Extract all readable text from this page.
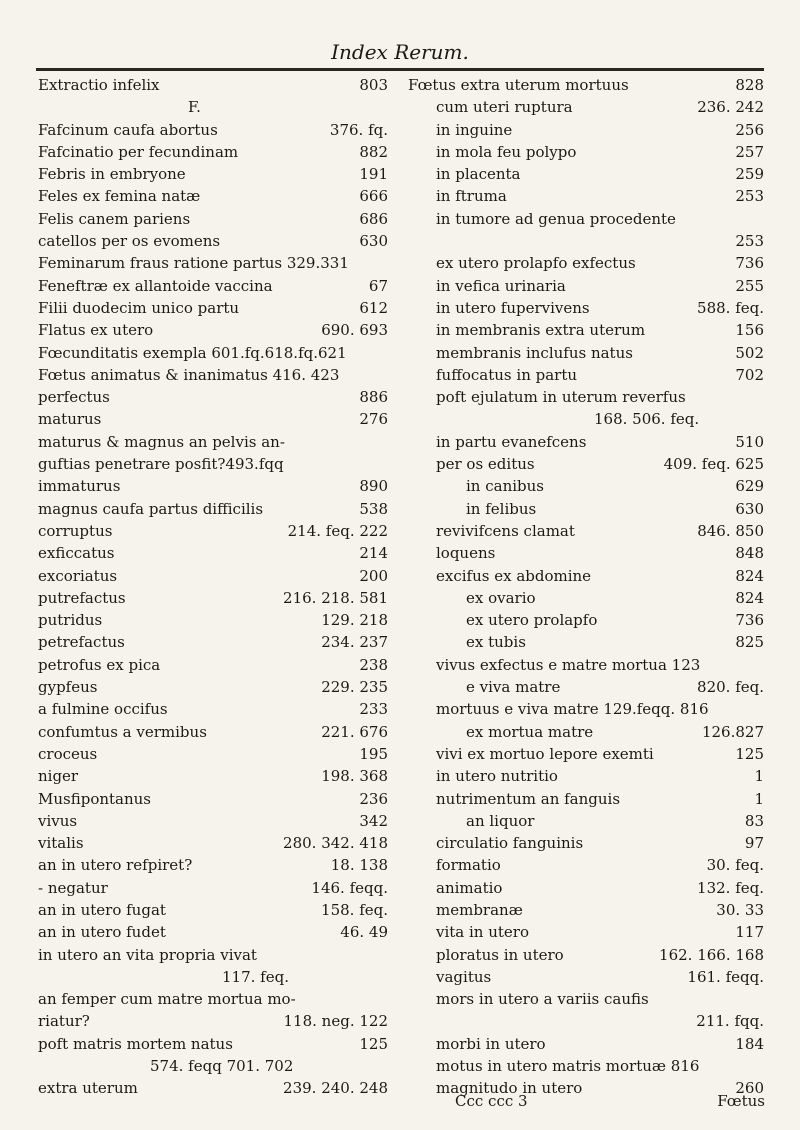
Index Rerum.
Extractio infelix	803
F.
Fafcinum caufa abortus	376. fq.
Fafcinatio per fecundinam	882
Febris in embryone	191
Feles ex femina natæ	666
Felis canem pariens	686
catellos per os evomens	630
Feminarum fraus ratione partus 329.331
Feneftræ ex allantoide vaccina	67
Filii duodecim unico partu	612
Flatus ex utero	690. 693
Fœcunditatis exempla 601.fq.618.fq.621
Fœtus animatus & inanimatus 416. 423
perfectus	886
maturus	276
maturus & magnus an pelvis an-
guftias penetrare posfit?493.fqq
immaturus	890
magnus caufa partus difficilis	538
corruptus	214. feq. 222
exficcatus	214
excoriatus	200
putrefactus	216. 218. 581
putridus	129. 218
petrefactus	234. 237
petrofus ex pica	238
gypfeus	229. 235
a fulmine occifus	233
confumtus a vermibus	221. 676
croceus	195
niger	198. 368
Musfipontanus	236
vivus	342
vitalis	280. 342. 418
an in utero refpiret?	18. 138
- negatur	146. feqq.
an in utero fugat	158. feq.
an in utero fudet	46. 49
in utero an vita propria vivat
117. feq.
an femper cum matre mortua mo-
riatur?	118. neg. 122
poft matris mortem natus	125
574. feqq 701. 702
extra uterum	239. 240. 248
Fœtus extra uterum mortuus	828
cum uteri ruptura	236. 242
in inguine	256
in mola feu polypo	257
in placenta	259
in ftruma	253
in tumore ad genua procedente
253
ex utero prolapfo exfectus	736
in vefica urinaria	255
in utero fupervivens	588. feq.
in membranis extra uterum	156
membranis inclufus natus	502
fuffocatus in partu	702
poft ejulatum in uterum reverfus
168. 506. feq.
in partu evanefcens	510
per os editus	409. feq. 625
in canibus	629
in felibus	630
revivifcens clamat	846. 850
loquens	848
excifus ex abdomine	824
ex ovario	824
ex utero prolapfo	736
ex tubis	825
vivus exfectus e matre mortua 123
e viva matre	820. feq.
mortuus e viva matre 129.feqq. 816
ex mortua matre	126.827
vivi ex mortuo lepore exemti	125
in utero nutritio	1
nutrimentum an fanguis	1
an liquor	83
circulatio fanguinis	97
formatio	30. feq.
animatio	132. feq.
membranæ	30. 33
vita in utero	117
ploratus in utero	162. 166. 168
vagitus	161. feqq.
mors in utero a variis caufis
211. fqq.
morbi in utero	184
motus in utero matris mortuæ 816
magnitudo in utero	260
Ccc ccc 3	Fœtus
